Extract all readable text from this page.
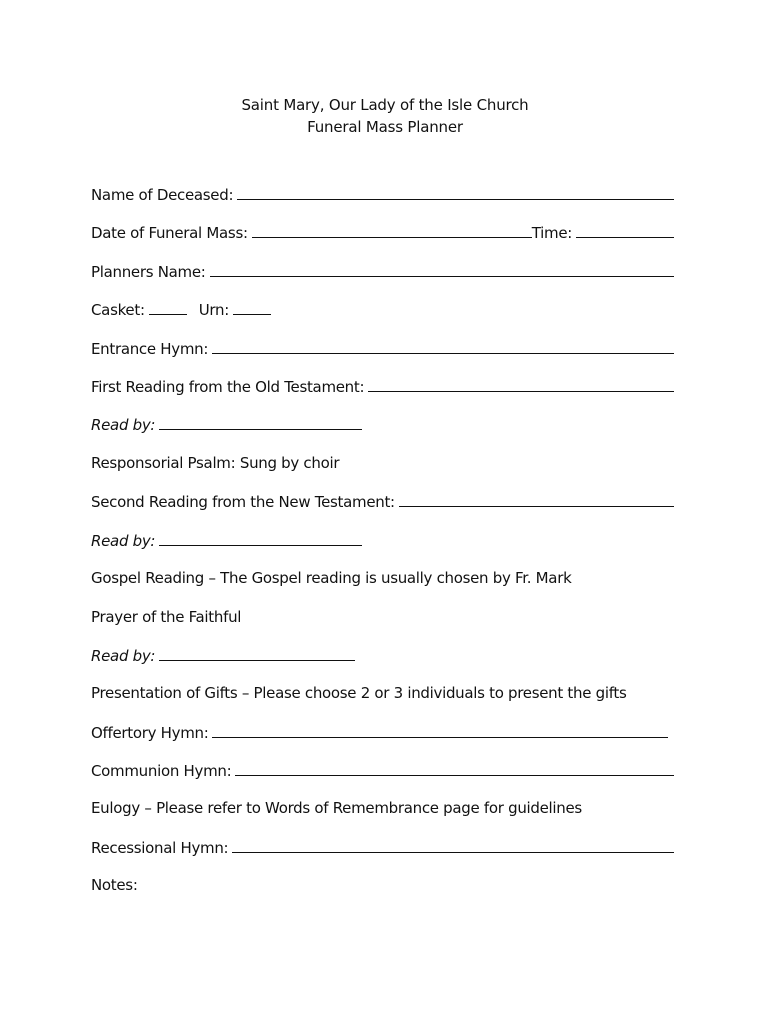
Saint Mary, Our Lady of the Isle Church
Funeral Mass Planner
Name of Deceased:
Date of Funeral Mass:	Time:
Planners Name:
Casket:	Urn:
Entrance Hymn:
First Reading from the Old Testament:
Read by:
Responsorial Psalm: Sung by choir
Second Reading from the New Testament:
Read by:
Gospel Reading – The Gospel reading is usually chosen by Fr. Mark
Prayer of the Faithful
Read by:
Presentation of Gifts – Please choose 2 or 3 individuals to present the gifts
Offertory Hymn:
Communion Hymn:
Eulogy – Please refer to Words of Remembrance page for guidelines
Recessional Hymn:
Notes:
